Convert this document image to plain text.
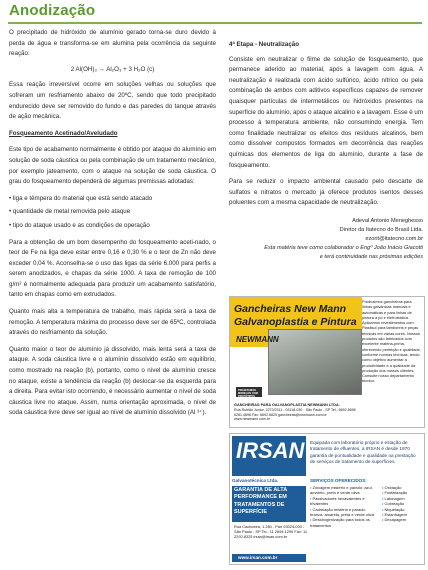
Anodização

O precipitado de hidróxido de alumínio gerado torna-se duro devido à perda de água e transforma-se em alumina pela ocorrência da seguinte reação:

2 Al(OH)₃ → Al₂O₃ + 3 H₂O (c)

Essa reação irreversível ocorre em soluções velhas ou soluções que sofreram um resfriamento abaixo de 20ºC, sendo que todo precipitado endurecido deve ser removido do fundo e das paredes do tanque através de ação mecânica.

Fosqueamento Acetinado/Aveludado

Este tipo de acabamento normalmente é obtido por ataque do alumínio em solução de soda cáustica ou pela combinação de um tratamento mecânico, por exemplo jateamento, com o ataque na solução de soda cáustica. O grau do fosqueamento dependerá de algumas premissas adotadas:

• liga e têmpera do material que está sendo atacado
• quantidade de metal removida pelo ataque
• tipo do ataque usado e as condições de operação

Para a obtenção de um bom desempenho do fosqueamento aceti-nado, o teor de Fe na liga deve estar entre 0,16 e 0,30 % e o teor de Zn não deve exceder 0,04 %. Aconselha-se o uso das ligas da série 6.000 para perfis a serem anodizados, e chapas da série 1000. A taxa de remoção de 100 g/m² é normalmente adequada para produzir um acabamento satisfatório, tanto em chapas como em extrudados.

Quanto mais alta a temperatura de trabalho, mais rápida será a taxa de remoção. A temperatura máxima do processo deve ser de 65ºC, controlada através do resfriamento da solução.

Quanto maior o teor de alumínio já dissolvido, mais lenta será a taxa de ataque. A soda cáustica livre e o alumínio dissolvido estão em equilíbrio, como mostrado na reação (b), portanto, como o nível de alumínio cresce no ataque, existe a tendência da reação (b) deslocar-se da esquerda para a direita. Para evitar isto ocorrendo, é necessário aumentar o nível de soda cáustica livre no ataque. Assim, numa orientação aproximada, o nível de soda cáustica livre deve ser igual ao nível de alumínio dissolvido (Al ³⁺).

4ª Etapa - Neutralização

Consiste em neutralizar o filme de solução de fosqueamento, que permanece aderido ao material, após a lavagem com água. A neutralização é realizada com ácido sulfúrico, ácido nítrico ou pela combinação de ambos com aditivos específicos capazes de remover quaisquer partículas de intermetálicos ou hidróxidos presentes na superfície do alumínio, após o ataque alcalino e a lavagem. Esse é um processo à temperatura ambiente, não consumindo energia. Tem como finalidade neutralizar os efeitos dos resíduos alcalinos, bem como dissolver compostos formados em decorrência das reações químicas dos elementos de liga do alumínio, durante a fase de fosqueamento.

Para se reduzir o impacto ambiental causado pelo descarte de sulfatos e nitratos o mercado já oferece produtos isentos desses poluentes com a mesma capacidade de neutralização.

Adeval Antonio Meneghesso
Diretor da Itatecno do Brasil Ltda.
ezorit@itatecno.com.br
Esta matéria teve como colaborador o Engº João Inácio Giacotti
e terá continuidade nas próximas edições
Gancheiras New Mann
Galvanoplastia e Pintura
NEWMANN
PROJETAMOS MODELOS COM PROTÓTIPOS
Produzimos gancheiras para linhas galvânicas manuais e automáticas e para linhas de pintura a pó e eletrostática. Aplicamos revestimentos com Plastisol para tamboreis e peças técnicas em várias cores. Nossos produtos são fabricados com excelente matéria-prima, oferecendo perfeição e qualidade, conforme normas técnicas, tendo como objetivo aumentar a produtividade e a qualidade da produção dos nossos clientes. Consulte nosso departamento técnico.
GANCHEIRAS PARA GALVANOPLASTIA NEWMANN LTDA.
Rua Rubião Junior, 2272/2311 - 03118-030 - São Paulo - SP Tel.: 6692.8696 6281.4696 Fax: 6692.6825 gancheiras@newmann.com.br www.newmann.com.br
IRSAN
Galvanotécnica Ltda.
GARANTIA DE ALTA PERFORMANCE EM TRATAMENTOS DE SUPERFÍCIE
Rua Cachoeira, 1.280 - Pari 03024-000 - São Paulo - SP Tel.: 11 2694.1299 Fax: 11 2292.8325 irsan@irsan.com.br
www.irsan.com.br
Equipada com laboratório próprio e estação de tratamento de efluentes, a IRSAN é desde 1970 garantia de pontualidade e qualidade na prestação de serviços de tratamento de superfícies.
SERVIÇOS OFERECIDOS:
• Zincagem mistério e parado: azul, amarelo, preto e verde oliva
• Passivadores hexavalentes e trivalentes
• Cadmiação mistério e parado: branca, amarela, preta e verde oliva
• Desidrogenização para todos os tratamentos
• Oxidação
• Fosfatização
• Latonagem
• Cobreação
• Niquelação
• Estanhagem
• Decapagem
